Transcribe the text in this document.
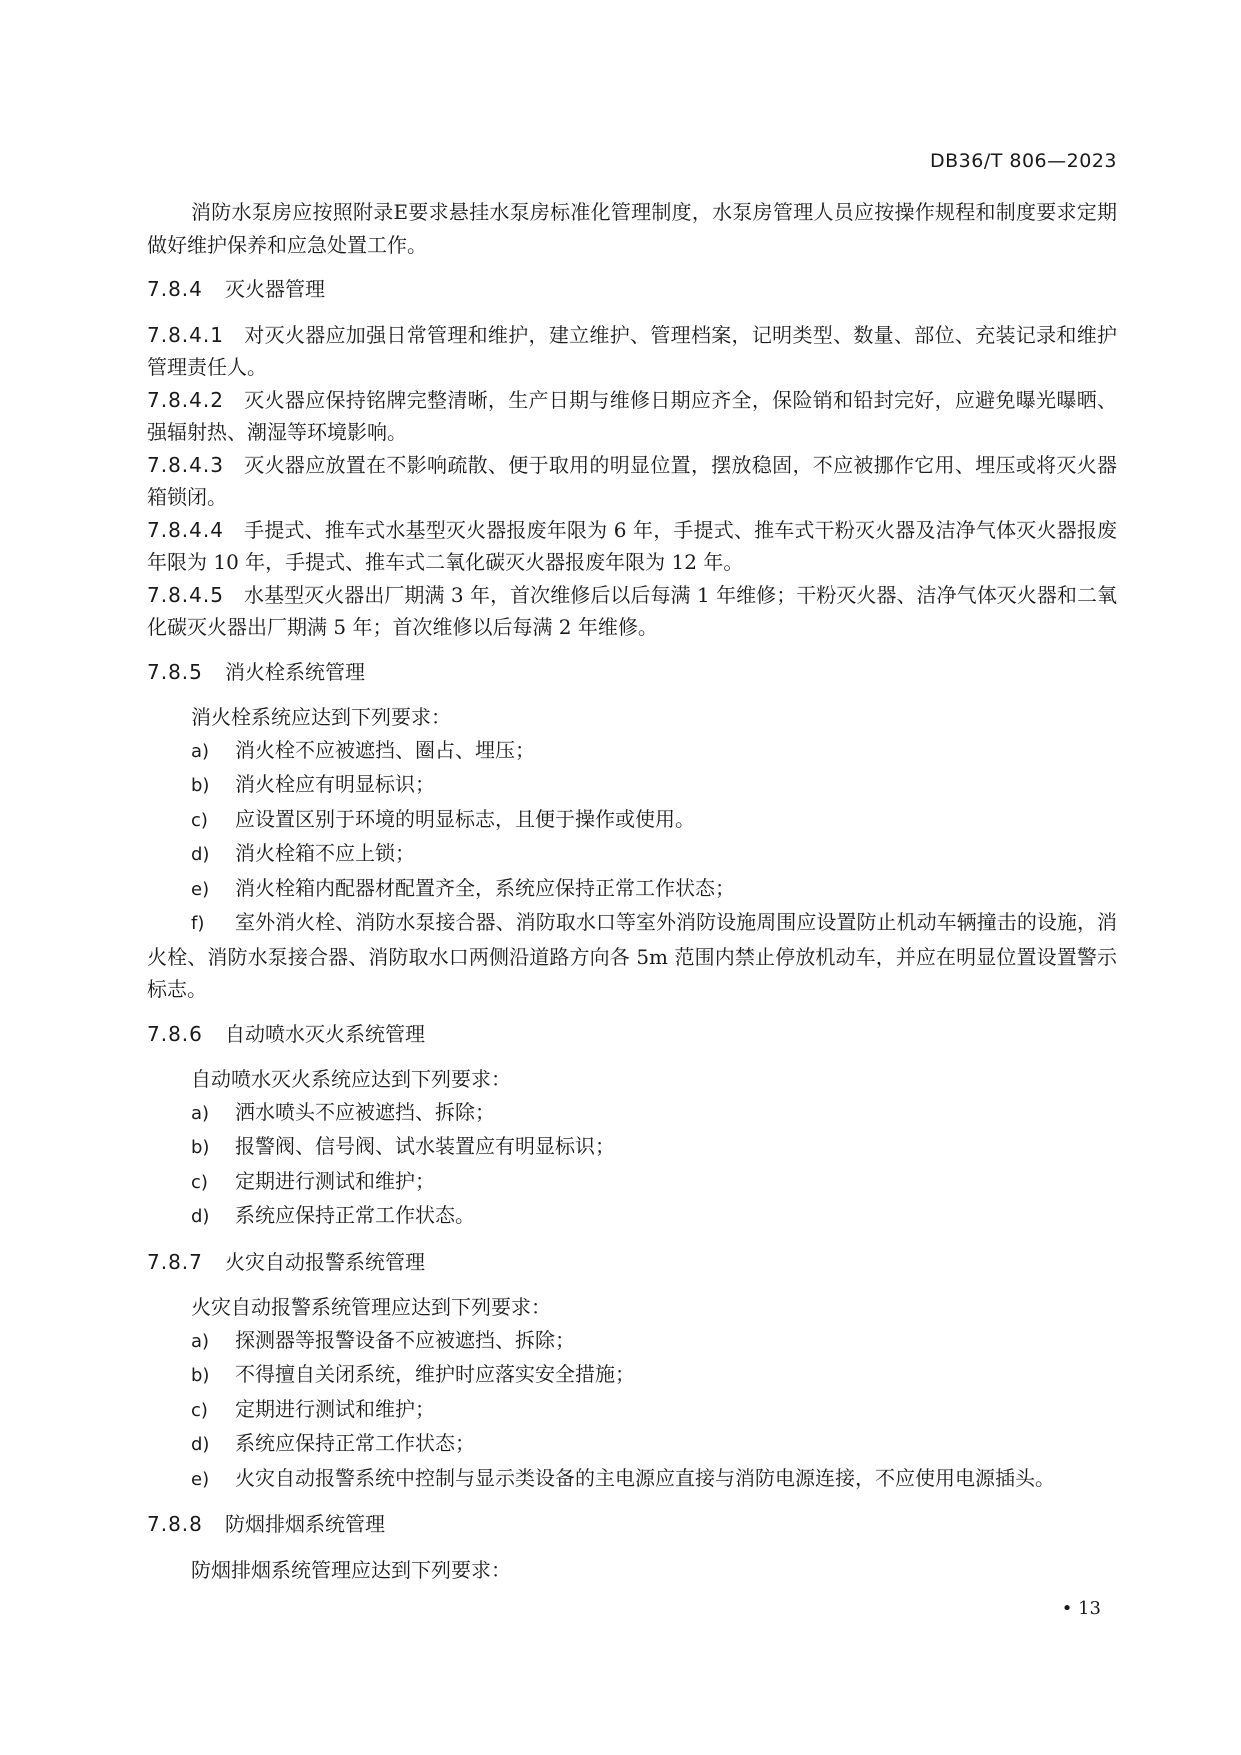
DB36/T 806—2023

消防水泵房应按照附录E要求悬挂水泵房标准化管理制度，水泵房管理人员应按操作规程和制度要求定期做好维护保养和应急处置工作。

7.8.4 灭火器管理

7.8.4.1 对灭火器应加强日常管理和维护，建立维护、管理档案，记明类型、数量、部位、充装记录和维护管理责任人。

7.8.4.2 灭火器应保持铭牌完整清晰，生产日期与维修日期应齐全，保险销和铅封完好，应避免曝光曝晒、强辐射热、潮湿等环境影响。

7.8.4.3 灭火器应放置在不影响疏散、便于取用的明显位置，摆放稳固，不应被挪作它用、埋压或将灭火器箱锁闭。

7.8.4.4 手提式、推车式水基型灭火器报废年限为 6 年，手提式、推车式干粉灭火器及洁净气体灭火器报废年限为 10 年，手提式、推车式二氧化碳灭火器报废年限为 12 年。

7.8.4.5 水基型灭火器出厂期满 3 年，首次维修后以后每满 1 年维修；干粉灭火器、洁净气体灭火器和二氧化碳灭火器出厂期满 5 年；首次维修以后每满 2 年维修。

7.8.5 消火栓系统管理

消火栓系统应达到下列要求：

a) 消火栓不应被遮挡、圈占、埋压；

b) 消火栓应有明显标识；

c) 应设置区别于环境的明显标志，且便于操作或使用。

d) 消火栓箱不应上锁；

e) 消火栓箱内配器材配置齐全，系统应保持正常工作状态；

f) 室外消火栓、消防水泵接合器、消防取水口等室外消防设施周围应设置防止机动车辆撞击的设施，消火栓、消防水泵接合器、消防取水口两侧沿道路方向各 5m 范围内禁止停放机动车，并应在明显位置设置警示标志。

7.8.6 自动喷水灭火系统管理

自动喷水灭火系统应达到下列要求：

a) 洒水喷头不应被遮挡、拆除；

b) 报警阀、信号阀、试水装置应有明显标识；

c) 定期进行测试和维护；

d) 系统应保持正常工作状态。

7.8.7 火灾自动报警系统管理

火灾自动报警系统管理应达到下列要求：

a) 探测器等报警设备不应被遮挡、拆除；

b) 不得擅自关闭系统，维护时应落实安全措施；

c) 定期进行测试和维护；

d) 系统应保持正常工作状态；

e) 火灾自动报警系统中控制与显示类设备的主电源应直接与消防电源连接，不应使用电源插头。

7.8.8 防烟排烟系统管理

防烟排烟系统管理应达到下列要求：

• 13
